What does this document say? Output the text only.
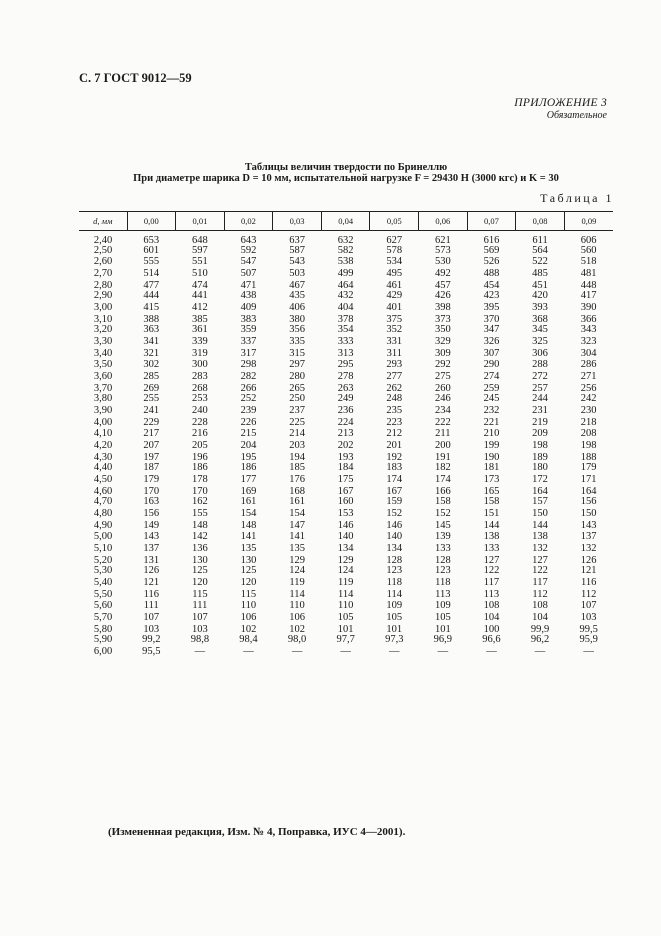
С. 7 ГОСТ 9012—59
ПРИЛОЖЕНИЕ 3
Обязательное
Таблицы величин твердости по Бринеллю
При диаметре шарика D = 10 мм, испытательной нагрузке F = 29430 Н (3000 кгс) и K = 30
Таблица 1
d, мм	0,00	0,01	0,02	0,03	0,04	0,05	0,06	0,07	0,08	0,09
2,40	653	648	643	637	632	627	621	616	611	606
2,50	601	597	592	587	582	578	573	569	564	560
2,60	555	551	547	543	538	534	530	526	522	518
2,70	514	510	507	503	499	495	492	488	485	481
2,80	477	474	471	467	464	461	457	454	451	448
2,90	444	441	438	435	432	429	426	423	420	417
3,00	415	412	409	406	404	401	398	395	393	390
3,10	388	385	383	380	378	375	373	370	368	366
3,20	363	361	359	356	354	352	350	347	345	343
3,30	341	339	337	335	333	331	329	326	325	323
3,40	321	319	317	315	313	311	309	307	306	304
3,50	302	300	298	297	295	293	292	290	288	286
3,60	285	283	282	280	278	277	275	274	272	271
3,70	269	268	266	265	263	262	260	259	257	256
3,80	255	253	252	250	249	248	246	245	244	242
3,90	241	240	239	237	236	235	234	232	231	230
4,00	229	228	226	225	224	223	222	221	219	218
4,10	217	216	215	214	213	212	211	210	209	208
4,20	207	205	204	203	202	201	200	199	198	198
4,30	197	196	195	194	193	192	191	190	189	188
4,40	187	186	186	185	184	183	182	181	180	179
4,50	179	178	177	176	175	174	174	173	172	171
4,60	170	170	169	168	167	167	166	165	164	164
4,70	163	162	161	161	160	159	158	158	157	156
4,80	156	155	154	154	153	152	152	151	150	150
4,90	149	148	148	147	146	146	145	144	144	143
5,00	143	142	141	141	140	140	139	138	138	137
5,10	137	136	135	135	134	134	133	133	132	132
5,20	131	130	130	129	129	128	128	127	127	126
5,30	126	125	125	124	124	123	123	122	122	121
5,40	121	120	120	119	119	118	118	117	117	116
5,50	116	115	115	114	114	114	113	113	112	112
5,60	111	111	110	110	110	109	109	108	108	107
5,70	107	107	106	106	105	105	105	104	104	103
5,80	103	103	102	102	101	101	101	100	99,9	99,5
5,90	99,2	98,8	98,4	98,0	97,7	97,3	96,9	96,6	96,2	95,9
6,00	95,5	—	—	—	—	—	—	—	—	—
(Измененная редакция, Изм. № 4, Поправка, ИУС 4—2001).
